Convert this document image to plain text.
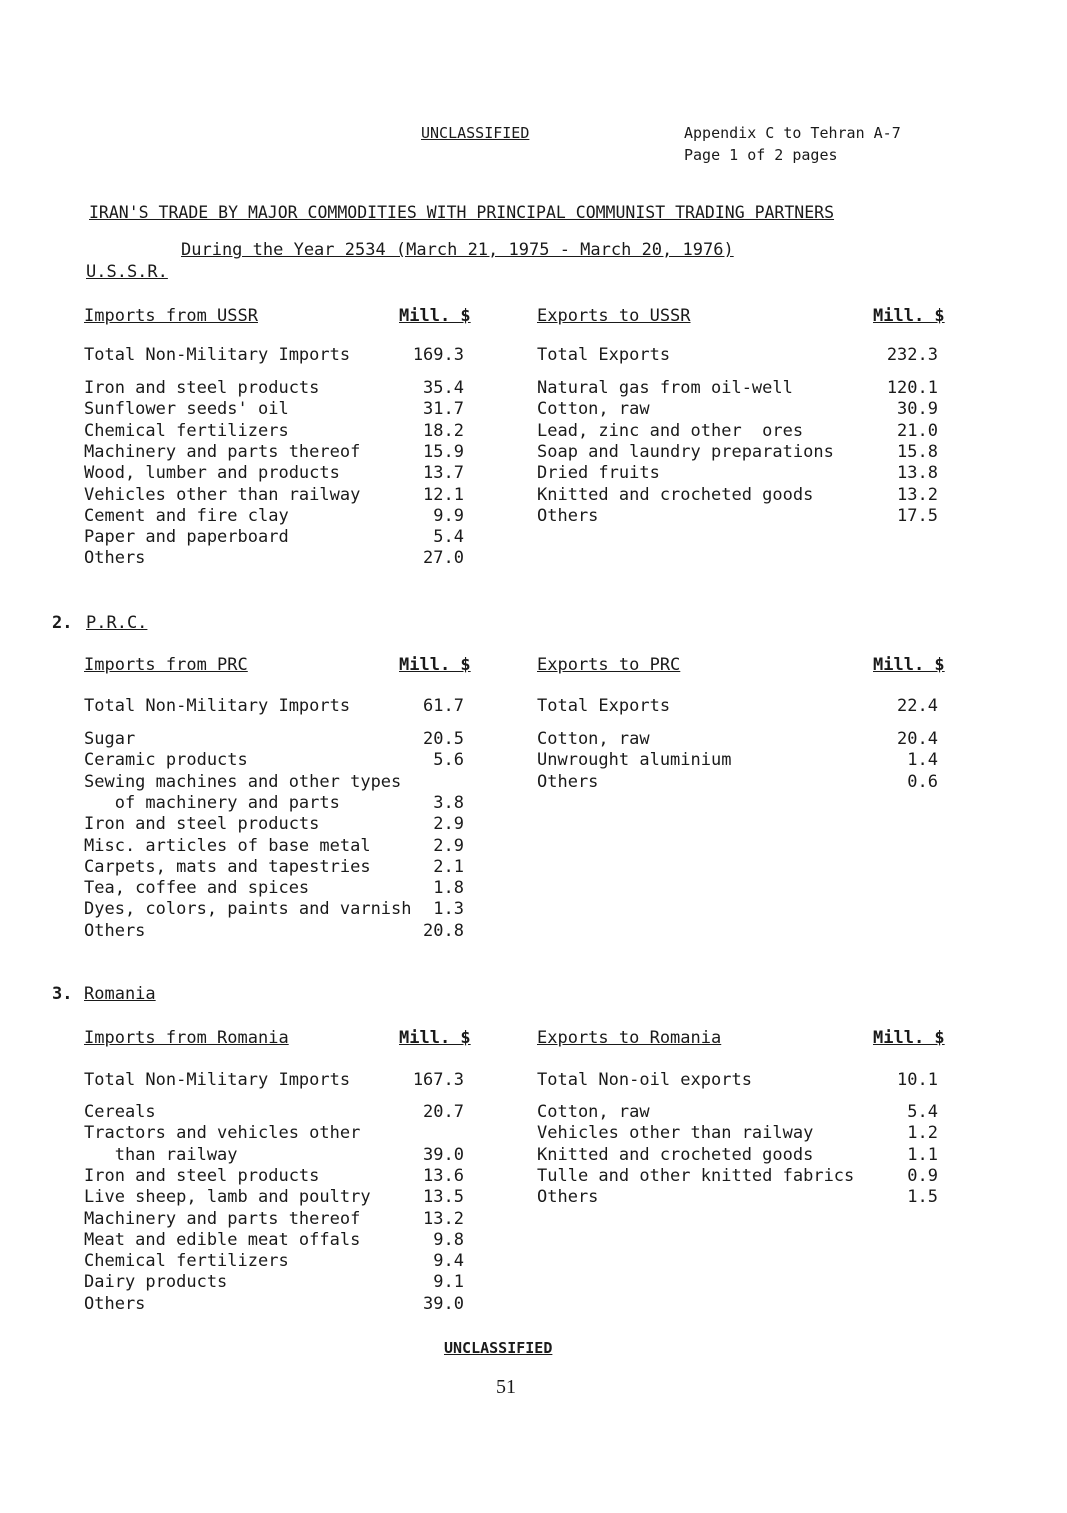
UNCLASSIFIED	Appendix C to Tehran A-7
Page 1 of 2 pages
IRAN'S TRADE BY MAJOR COMMODITIES WITH PRINCIPAL COMMUNIST TRADING PARTNERS
During the Year 2534 (March 21, 1975 - March 20, 1976)
U.S.S.R.
Imports from USSR	Mill. $
Total Non-Military Imports	169.3
Iron and steel products	35.4
Sunflower seeds' oil	31.7
Chemical fertilizers	18.2
Machinery and parts thereof	15.9
Wood, lumber and products	13.7
Vehicles other than railway	12.1
Cement and fire clay	9.9
Paper and paperboard	5.4
Others	27.0
Exports to USSR	Mill. $
Total Exports	232.3
Natural gas from oil-well	120.1
Cotton, raw	30.9
Lead, zinc and other  ores	21.0
Soap and laundry preparations	15.8
Dried fruits	13.8
Knitted and crocheted goods	13.2
Others	17.5
2. P.R.C.
Imports from PRC	Mill. $
Total Non-Military Imports	61.7
Sugar	20.5
Ceramic products	5.6
Sewing machines and other types
of machinery and parts	3.8
Iron and steel products	2.9
Misc. articles of base metal	2.9
Carpets, mats and tapestries	2.1
Tea, coffee and spices	1.8
Dyes, colors, paints and varnish	1.3
Others	20.8
Exports to PRC	Mill. $
Total Exports	22.4
Cotton, raw	20.4
Unwrought aluminium	1.4
Others	0.6
3. Romania
Imports from Romania	Mill. $
Total Non-Military Imports	167.3
Cereals	20.7
Tractors and vehicles other
than railway	39.0
Iron and steel products	13.6
Live sheep, lamb and poultry	13.5
Machinery and parts thereof	13.2
Meat and edible meat offals	9.8
Chemical fertilizers	9.4
Dairy products	9.1
Others	39.0
Exports to Romania	Mill. $
Total Non-oil exports	10.1
Cotton, raw	5.4
Vehicles other than railway	1.2
Knitted and crocheted goods	1.1
Tulle and other knitted fabrics	0.9
Others	1.5
UNCLASSIFIED
51
